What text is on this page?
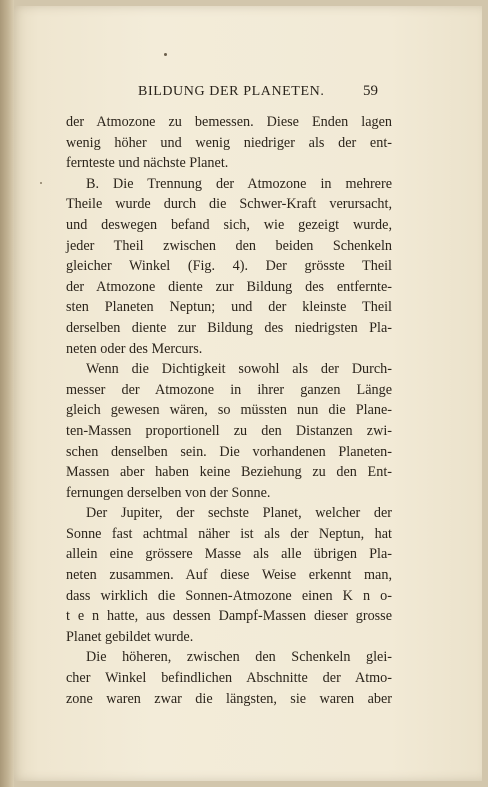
BILDUNG DER PLANETEN.	59
der Atmozone zu bemessen. Diese Enden lagen
wenig höher und wenig niedriger als der ent-
fernteste und nächste Planet.
B. Die Trennung der Atmozone in mehrere
Theile wurde durch die Schwer-Kraft verursacht,
und deswegen befand sich, wie gezeigt wurde,
jeder Theil zwischen den beiden Schenkeln
gleicher Winkel (Fig. 4). Der grösste Theil
der Atmozone diente zur Bildung des entfernte-
sten Planeten Neptun; und der kleinste Theil
derselben diente zur Bildung des niedrigsten Pla-
neten oder des Mercurs.
Wenn die Dichtigkeit sowohl als der Durch-
messer der Atmozone in ihrer ganzen Länge
gleich gewesen wären, so müssten nun die Plane-
ten-Massen proportionell zu den Distanzen zwi-
schen denselben sein. Die vorhandenen Planeten-
Massen aber haben keine Beziehung zu den Ent-
fernungen derselben von der Sonne.
Der Jupiter, der sechste Planet, welcher der
Sonne fast achtmal näher ist als der Neptun, hat
allein eine grössere Masse als alle übrigen Pla-
neten zusammen. Auf diese Weise erkennt man,
dass wirklich die Sonnen-Atmozone einen K n o-
t e n hatte, aus dessen Dampf-Massen dieser grosse
Planet gebildet wurde.
Die höheren, zwischen den Schenkeln glei-
cher Winkel befindlichen Abschnitte der Atmo-
zone waren zwar die längsten, sie waren aber
